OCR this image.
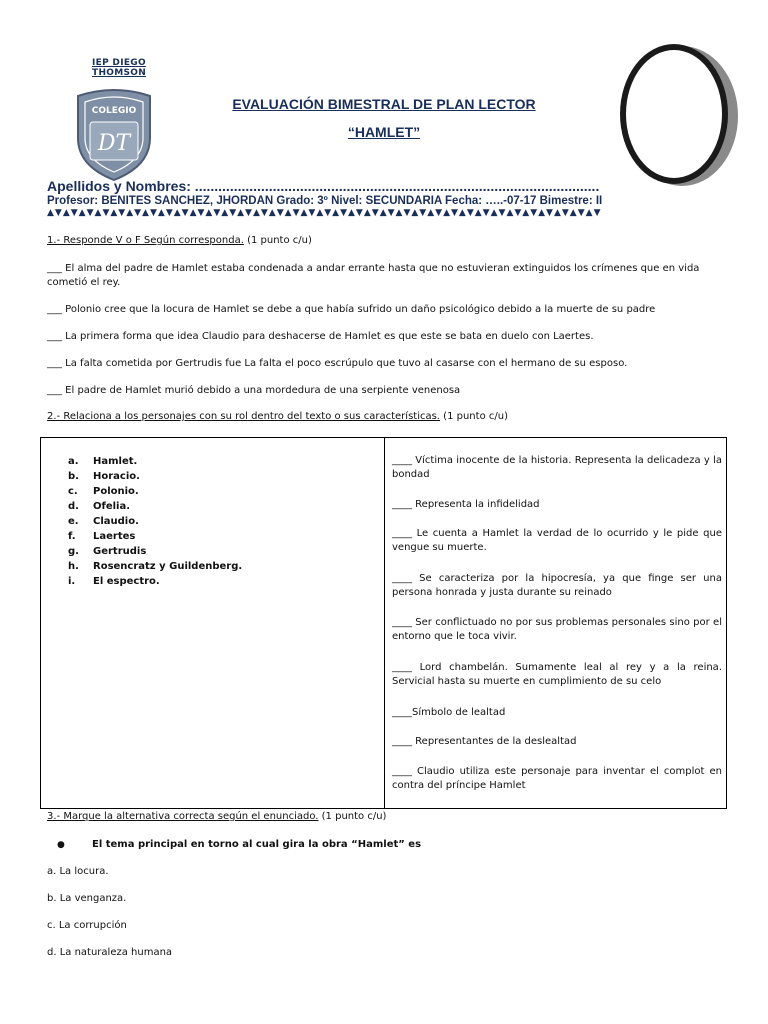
IEP DIEGO
THOMSON
COLEGIO
DT
EVALUACIÓN BIMESTRAL DE PLAN LECTOR
“HAMLET”
Apellidos y Nombres: ........................................................................................................
Profesor: BENITES SANCHEZ, JHORDAN Grado: 3º Nivel: SECUNDARIA Fecha: …..-07-17 Bimestre: II
▲▼▲▼▲▼▲▼▲▼▲▼▲▼▲▼▲▼▲▼▲▼▲▼▲▼▲▼▲▼▲▼▲▼▲▼▲▼▲▼▲▼▲▼▲▼▲▼▲▼▲▼▲▼▲▼▲▼▲▼▲▼▲▼▲▼▲▼▲▼
1.- Responde V o F Según corresponda. (1 punto c/u)
___ El alma del padre de Hamlet estaba condenada a andar errante hasta que no estuvieran extinguidos los crímenes que en vida cometió el rey.
___ Polonio cree que la locura de Hamlet se debe a que había sufrido un daño psicológico debido a la muerte de su padre
___ La primera forma que idea Claudio para deshacerse de Hamlet es que este se bata en duelo con Laertes.
___ La falta cometida por Gertrudis fue La falta el poco escrúpulo que tuvo al casarse con el hermano de su esposo.
___ El padre de Hamlet murió debido a una mordedura de una serpiente venenosa
2.- Relaciona a los personajes con su rol dentro del texto o sus características. (1 punto c/u)
a. Hamlet.
b. Horacio.
c. Polonio.
d. Ofelia.
e. Claudio.
f. Laertes
g. Gertrudis
h. Rosencratz y Guildenberg.
i. El espectro.
____ Víctima inocente de la historia. Representa la delicadeza y la bondad
____ Representa la infidelidad
____ Le cuenta a Hamlet la verdad de lo ocurrido y le pide que vengue su muerte.
____ Se caracteriza por la hipocresía, ya que finge ser una persona honrada y justa durante su reinado
____ Ser conflictuado no por sus problemas personales sino por el entorno que le toca vivir.
____ Lord chambelán. Sumamente leal al rey y a la reina. Servicial hasta su muerte en cumplimiento de su celo
____Símbolo de lealtad
____ Representantes de la deslealtad
____ Claudio utiliza este personaje para inventar el complot en contra del príncipe Hamlet
3.- Marque la alternativa correcta según el enunciado. (1 punto c/u)
●	El tema principal en torno al cual gira la obra “Hamlet” es
a. La locura.
b. La venganza.
c. La corrupción
d. La naturaleza humana
